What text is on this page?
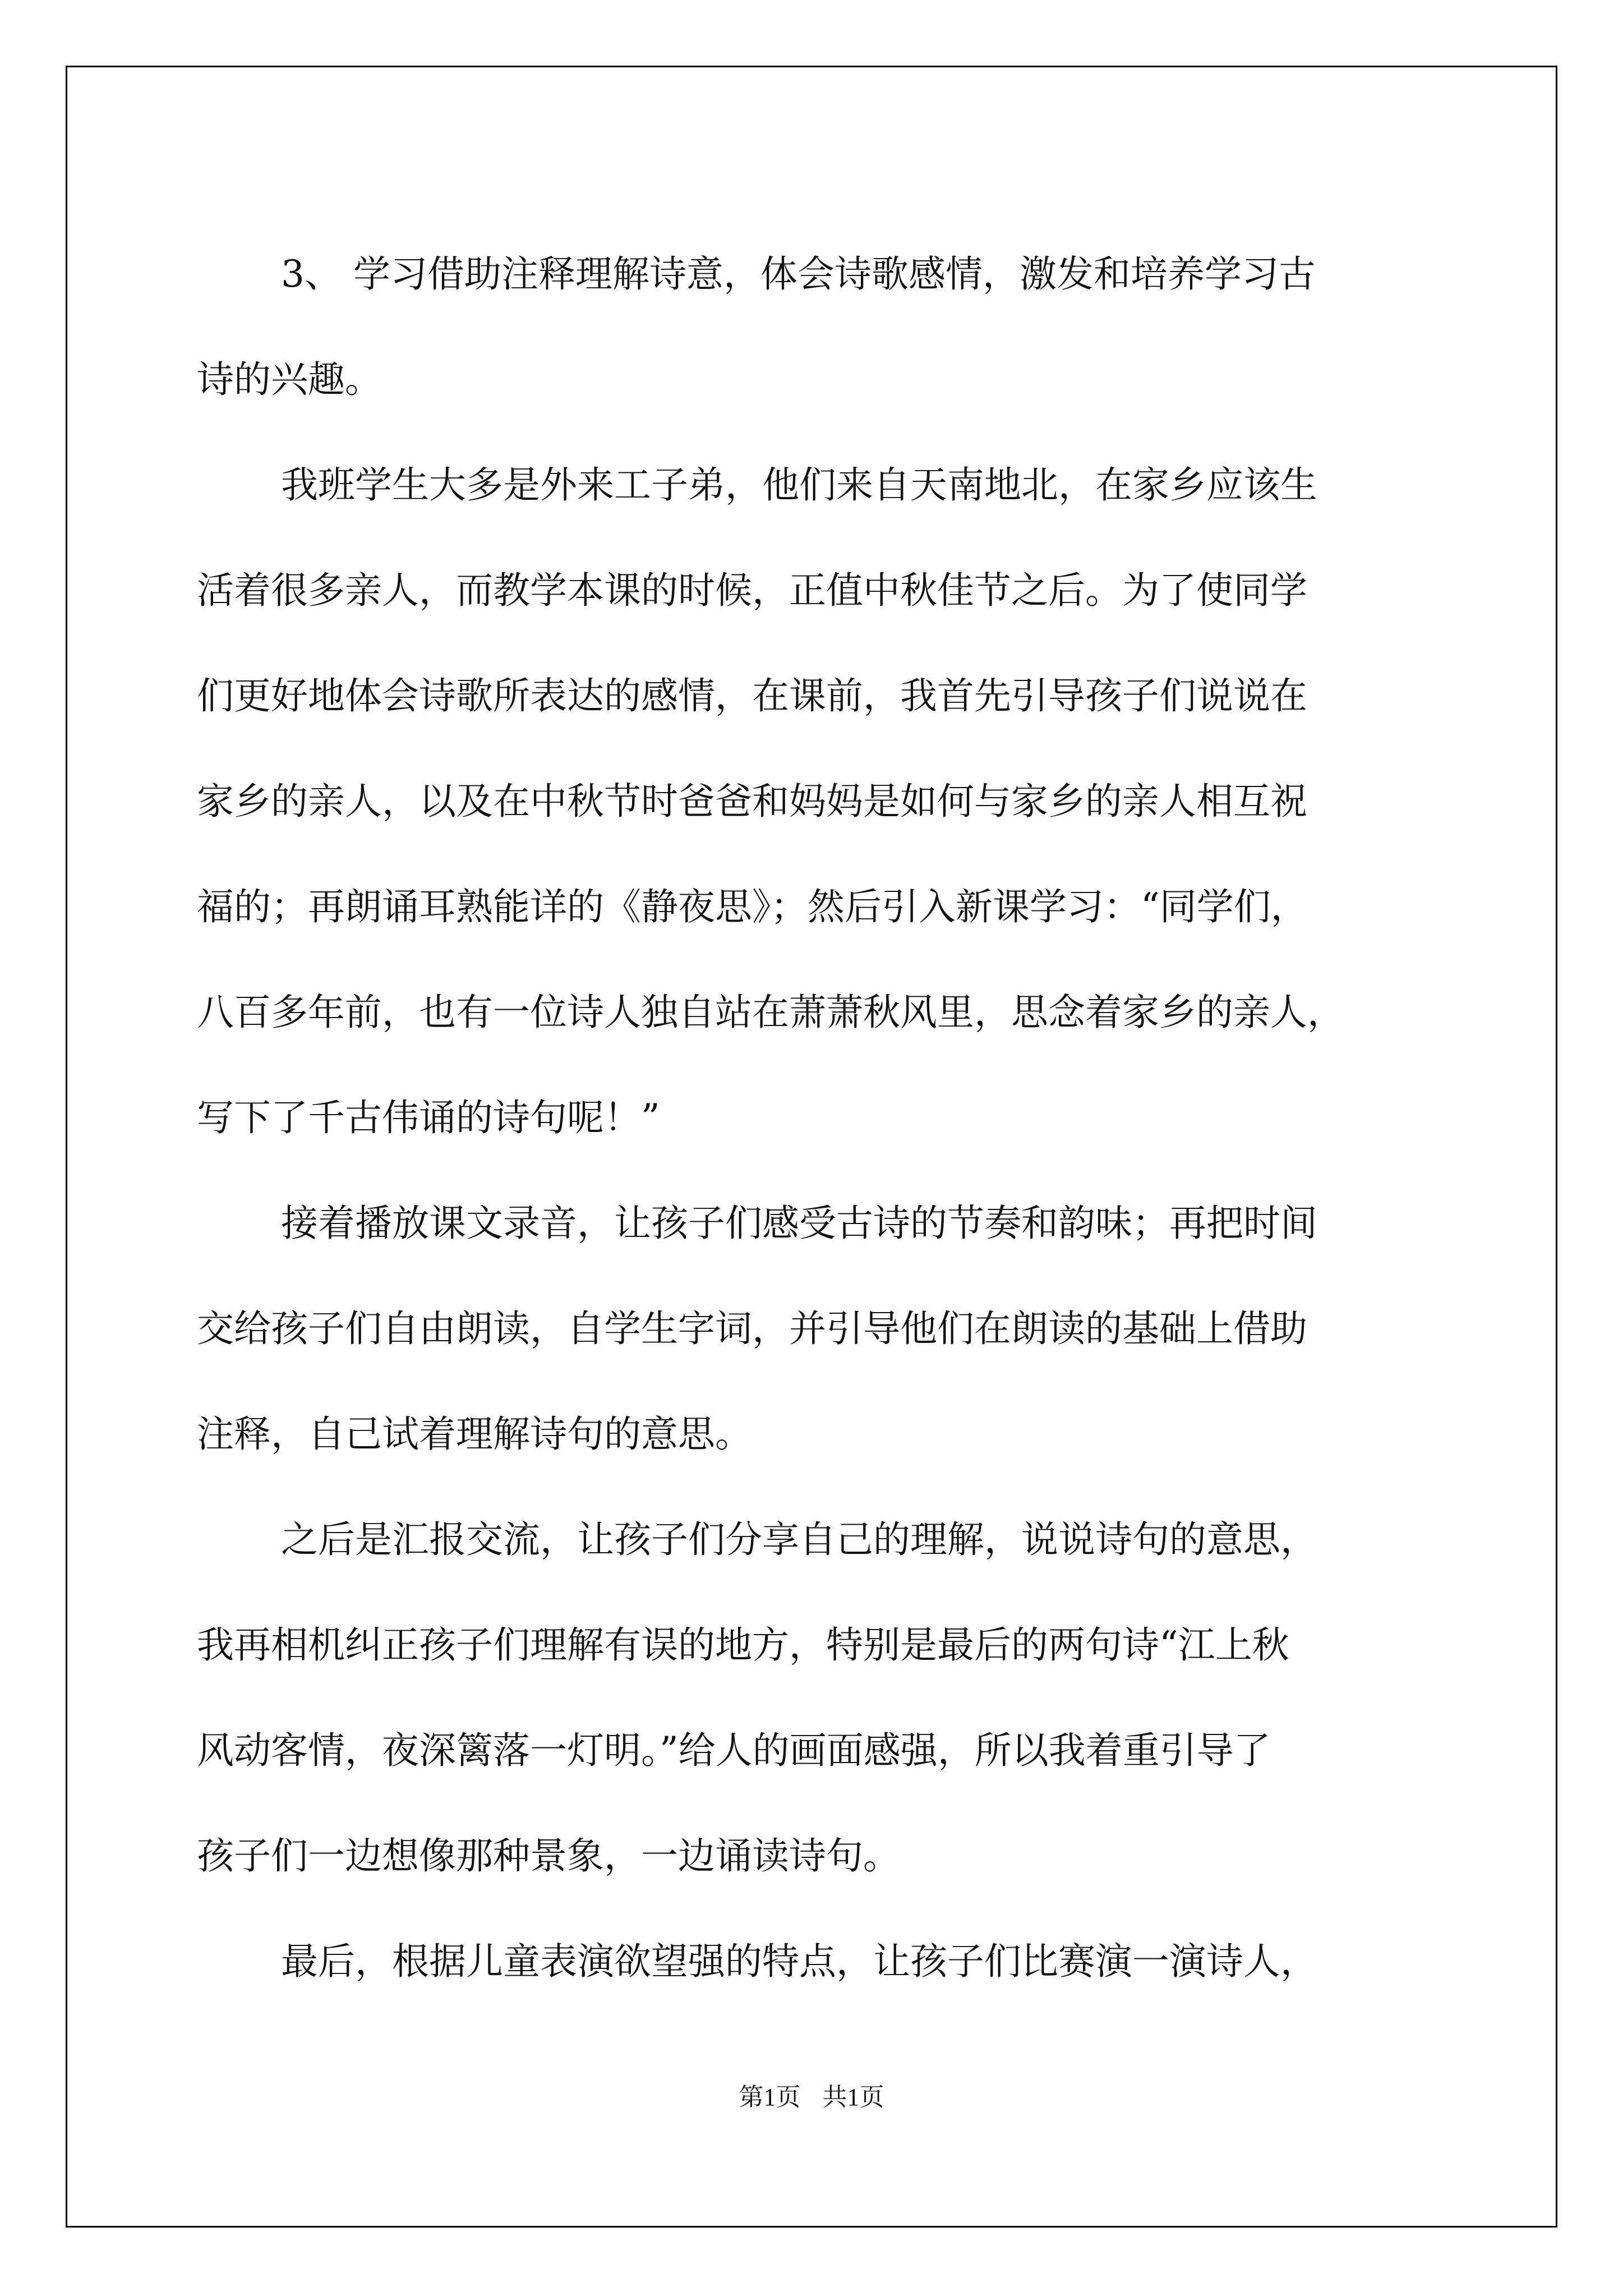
3、 学习借助注释理解诗意，体会诗歌感情，激发和培养学习古
诗的兴趣。

我班学生大多是外来工子弟，他们来自天南地北，在家乡应该生
活着很多亲人，而教学本课的时候，正值中秋佳节之后。为了使同学
们更好地体会诗歌所表达的感情，在课前，我首先引导孩子们说说在
家乡的亲人，以及在中秋节时爸爸和妈妈是如何与家乡的亲人相互祝
福的；再朗诵耳熟能详的《静夜思》；然后引入新课学习：“同学们，
八百多年前，也有一位诗人独自站在萧萧秋风里，思念着家乡的亲人，
写下了千古伟诵的诗句呢！”

接着播放课文录音，让孩子们感受古诗的节奏和韵味；再把时间
交给孩子们自由朗读，自学生字词，并引导他们在朗读的基础上借助
注释，自己试着理解诗句的意思。

之后是汇报交流，让孩子们分享自己的理解，说说诗句的意思，
我再相机纠正孩子们理解有误的地方，特别是最后的两句诗“江上秋
风动客情，夜深篱落一灯明。”给人的画面感强，所以我着重引导了
孩子们一边想像那种景象，一边诵读诗句。

最后，根据儿童表演欲望强的特点，让孩子们比赛演一演诗人，

第1页 共1页
